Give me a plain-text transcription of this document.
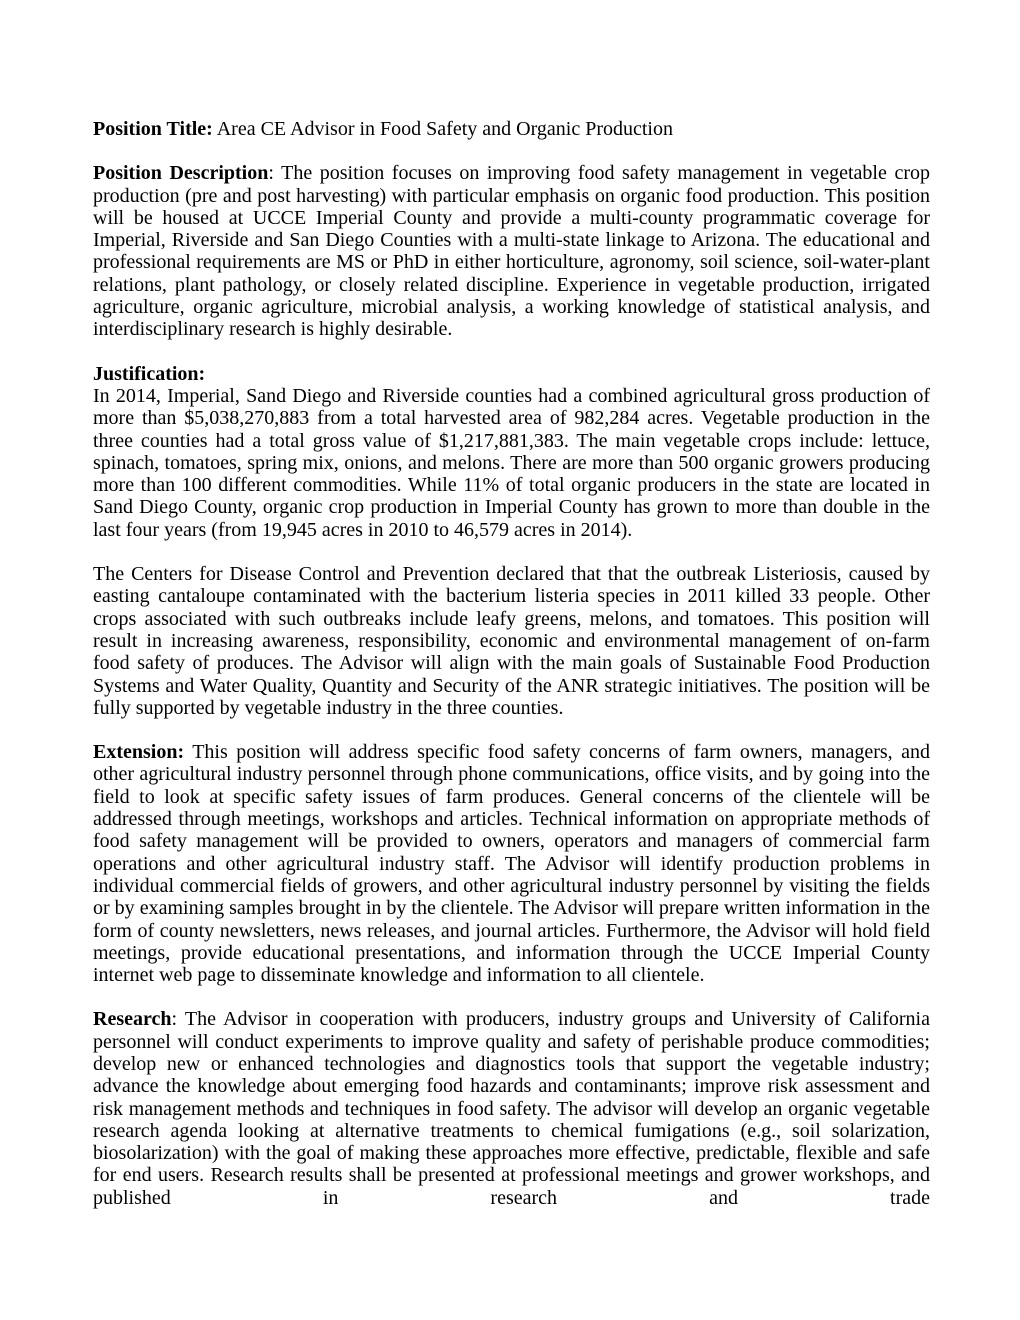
Position Title: Area CE Advisor in Food Safety and Organic Production

Position Description: The position focuses on improving food safety management in vegetable crop production (pre and post harvesting) with particular emphasis on organic food production. This position will be housed at UCCE Imperial County and provide a multi-county programmatic coverage for Imperial, Riverside and San Diego Counties with a multi-state linkage to Arizona. The educational and professional requirements are MS or PhD in either horticulture, agronomy, soil science, soil-water-plant relations, plant pathology, or closely related discipline. Experience in vegetable production, irrigated agriculture, organic agriculture, microbial analysis, a working knowledge of statistical analysis, and interdisciplinary research is highly desirable.

Justification:

In 2014, Imperial, Sand Diego and Riverside counties had a combined agricultural gross production of more than $5,038,270,883 from a total harvested area of 982,284 acres. Vegetable production in the three counties had a total gross value of $1,217,881,383. The main vegetable crops include: lettuce, spinach, tomatoes, spring mix, onions, and melons. There are more than 500 organic growers producing more than 100 different commodities. While 11% of total organic producers in the state are located in Sand Diego County, organic crop production in Imperial County has grown to more than double in the last four years (from 19,945 acres in 2010 to 46,579 acres in 2014).

The Centers for Disease Control and Prevention declared that that the outbreak Listeriosis, caused by easting cantaloupe contaminated with the bacterium listeria species in 2011 killed 33 people. Other crops associated with such outbreaks include leafy greens, melons, and tomatoes. This position will result in increasing awareness, responsibility, economic and environmental management of on-farm food safety of produces. The Advisor will align with the main goals of Sustainable Food Production Systems and Water Quality, Quantity and Security of the ANR strategic initiatives. The position will be fully supported by vegetable industry in the three counties.

Extension: This position will address specific food safety concerns of farm owners, managers, and other agricultural industry personnel through phone communications, office visits, and by going into the field to look at specific safety issues of farm produces. General concerns of the clientele will be addressed through meetings, workshops and articles. Technical information on appropriate methods of food safety management will be provided to owners, operators and managers of commercial farm operations and other agricultural industry staff. The Advisor will identify production problems in individual commercial fields of growers, and other agricultural industry personnel by visiting the fields or by examining samples brought in by the clientele. The Advisor will prepare written information in the form of county newsletters, news releases, and journal articles. Furthermore, the Advisor will hold field meetings, provide educational presentations, and information through the UCCE Imperial County internet web page to disseminate knowledge and information to all clientele.

Research: The Advisor in cooperation with producers, industry groups and University of California personnel will conduct experiments to improve quality and safety of perishable produce commodities; develop new or enhanced technologies and diagnostics tools that support the vegetable industry; advance the knowledge about emerging food hazards and contaminants; improve risk assessment and risk management methods and techniques in food safety. The advisor will develop an organic vegetable research agenda looking at alternative treatments to chemical fumigations (e.g., soil solarization, biosolarization) with the goal of making these approaches more effective, predictable, flexible and safe for end users. Research results shall be presented at professional meetings and grower workshops, and published in research and trade
